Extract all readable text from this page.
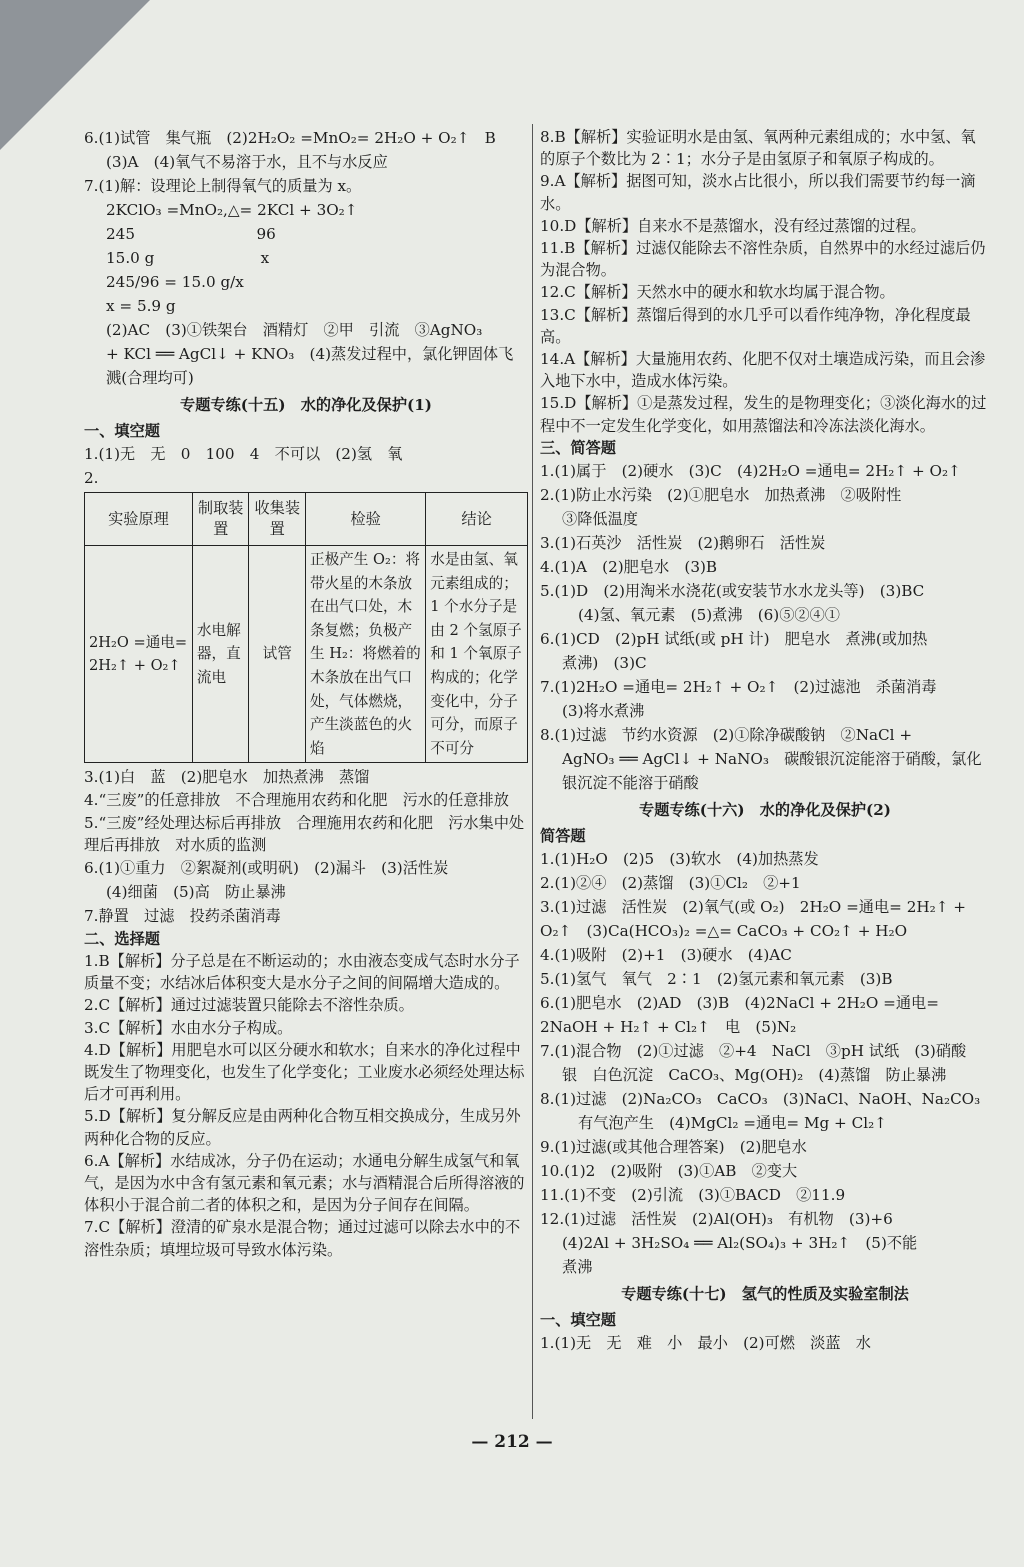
6.(1)试管　集气瓶　(2)2H₂O₂ =MnO₂= 2H₂O + O₂↑　B
(3)A　(4)氧气不易溶于水，且不与水反应
7.(1)解：设理论上制得氧气的质量为 x。
2KClO₃ =MnO₂,△= 2KCl + 3O₂↑
245　　　　　　　　96
15.0 g　　　　　　　x
245/96 = 15.0 g/x
x = 5.9 g
(2)AC　(3)①铁架台　酒精灯　②甲　引流　③AgNO₃
+ KCl ══ AgCl↓ + KNO₃　(4)蒸发过程中，氯化钾固体飞
溅(合理均可)
专题专练(十五)　水的净化及保护(1)
一、填空题
1.(1)无　无　0　100　4　不可以　(2)氢　氧
2.
实验原理	制取装置	收集装置	检验	结论
2H₂O =通电= 2H₂↑ + O₂↑	水电解器，直流电	试管	正极产生 O₂：将带火星的木条放在出气口处，木条复燃；负极产生 H₂：将燃着的木条放在出气口处，气体燃烧，产生淡蓝色的火焰	水是由氢、氧元素组成的；1 个水分子是由 2 个氢原子和 1 个氧原子构成的；化学变化中，分子可分，而原子不可分
3.(1)白　蓝　(2)肥皂水　加热煮沸　蒸馏
4.“三废”的任意排放　不合理施用农药和化肥　污水的任意排放
5.“三废”经处理达标后再排放　合理施用农药和化肥　污水集中处理后再排放　对水质的监测
6.(1)①重力　②絮凝剂(或明矾)　(2)漏斗　(3)活性炭
(4)细菌　(5)高　防止暴沸
7.静置　过滤　投药杀菌消毒
二、选择题
1.B【解析】分子总是在不断运动的；水由液态变成气态时水分子质量不变；水结冰后体积变大是水分子之间的间隔增大造成的。
2.C【解析】通过过滤装置只能除去不溶性杂质。
3.C【解析】水由水分子构成。
4.D【解析】用肥皂水可以区分硬水和软水；自来水的净化过程中既发生了物理变化，也发生了化学变化；工业废水必须经处理达标后才可再利用。
5.D【解析】复分解反应是由两种化合物互相交换成分，生成另外两种化合物的反应。
6.A【解析】水结成冰，分子仍在运动；水通电分解生成氢气和氧气，是因为水中含有氢元素和氧元素；水与酒精混合后所得溶液的体积小于混合前二者的体积之和，是因为分子间存在间隔。
7.C【解析】澄清的矿泉水是混合物；通过过滤可以除去水中的不溶性杂质；填埋垃圾可导致水体污染。
8.B【解析】实验证明水是由氢、氧两种元素组成的；水中氢、氧的原子个数比为 2∶1；水分子是由氢原子和氧原子构成的。
9.A【解析】据图可知，淡水占比很小，所以我们需要节约每一滴水。
10.D【解析】自来水不是蒸馏水，没有经过蒸馏的过程。
11.B【解析】过滤仅能除去不溶性杂质，自然界中的水经过滤后仍为混合物。
12.C【解析】天然水中的硬水和软水均属于混合物。
13.C【解析】蒸馏后得到的水几乎可以看作纯净物，净化程度最高。
14.A【解析】大量施用农药、化肥不仅对土壤造成污染，而且会渗入地下水中，造成水体污染。
15.D【解析】①是蒸发过程，发生的是物理变化；③淡化海水的过程中不一定发生化学变化，如用蒸馏法和冷冻法淡化海水。
三、简答题
1.(1)属于　(2)硬水　(3)C　(4)2H₂O =通电= 2H₂↑ + O₂↑
2.(1)防止水污染　(2)①肥皂水　加热煮沸　②吸附性
③降低温度
3.(1)石英沙　活性炭　(2)鹅卵石　活性炭
4.(1)A　(2)肥皂水　(3)B
5.(1)D　(2)用淘米水浇花(或安装节水水龙头等)　(3)BC
(4)氢、氧元素　(5)煮沸　(6)⑤②④①
6.(1)CD　(2)pH 试纸(或 pH 计)　肥皂水　煮沸(或加热
煮沸)　(3)C
7.(1)2H₂O =通电= 2H₂↑ + O₂↑　(2)过滤池　杀菌消毒
(3)将水煮沸
8.(1)过滤　节约水资源　(2)①除净碳酸钠　②NaCl +
AgNO₃ ══ AgCl↓ + NaNO₃　碳酸银沉淀能溶于硝酸，氯化
银沉淀不能溶于硝酸
专题专练(十六)　水的净化及保护(2)
简答题
1.(1)H₂O　(2)5　(3)软水　(4)加热蒸发
2.(1)②④　(2)蒸馏　(3)①Cl₂　②+1
3.(1)过滤　活性炭　(2)氧气(或 O₂)　2H₂O =通电= 2H₂↑ +
O₂↑　(3)Ca(HCO₃)₂ =△= CaCO₃ + CO₂↑ + H₂O
4.(1)吸附　(2)+1　(3)硬水　(4)AC
5.(1)氢气　氧气　2∶1　(2)氢元素和氧元素　(3)B
6.(1)肥皂水　(2)AD　(3)B　(4)2NaCl + 2H₂O =通电=
2NaOH + H₂↑ + Cl₂↑　电　(5)N₂
7.(1)混合物　(2)①过滤　②+4　NaCl　③pH 试纸　(3)硝酸
银　白色沉淀　CaCO₃、Mg(OH)₂　(4)蒸馏　防止暴沸
8.(1)过滤　(2)Na₂CO₃　CaCO₃　(3)NaCl、NaOH、Na₂CO₃
有气泡产生　(4)MgCl₂ =通电= Mg + Cl₂↑
9.(1)过滤(或其他合理答案)　(2)肥皂水
10.(1)2　(2)吸附　(3)①AB　②变大
11.(1)不变　(2)引流　(3)①BACD　②11.9
12.(1)过滤　活性炭　(2)Al(OH)₃　有机物　(3)+6
(4)2Al + 3H₂SO₄ ══ Al₂(SO₄)₃ + 3H₂↑　(5)不能
煮沸
专题专练(十七)　氢气的性质及实验室制法
一、填空题
1.(1)无　无　难　小　最小　(2)可燃　淡蓝　水
— 212 —
